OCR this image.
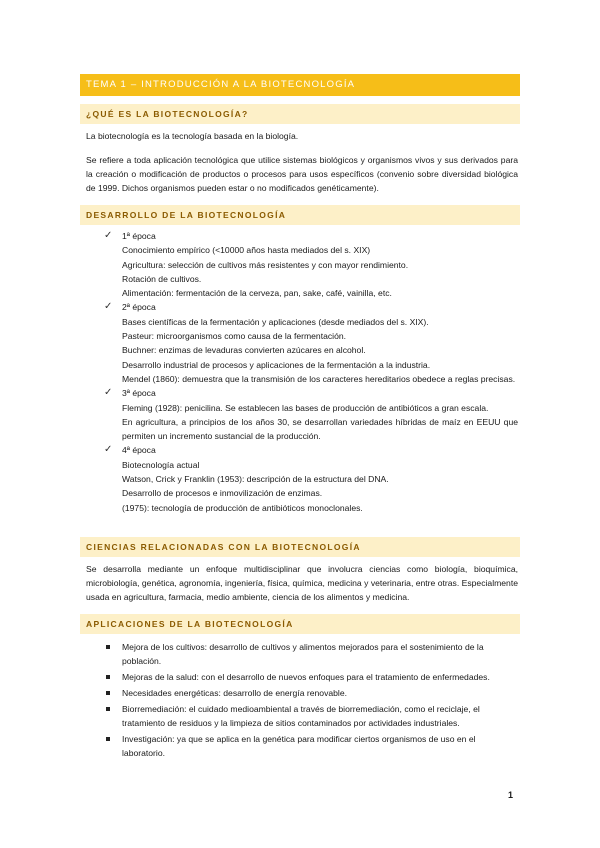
TEMA 1 – INTRODUCCIÓN A LA BIOTECNOLOGÍA
¿QUÉ ES LA BIOTECNOLOGÍA?

La biotecnología es la tecnología basada en la biología.

Se refiere a toda aplicación tecnológica que utilice sistemas biológicos y organismos vivos y sus derivados para la creación o modificación de productos o procesos para usos específicos (convenio sobre diversidad biológica de 1999. Dichos organismos pueden estar o no modificados genéticamente).

DESARROLLO DE LA BIOTECNOLOGÍA
✓	1ª época
Conocimiento empírico (<10000 años hasta mediados del s. XIX)
Agricultura: selección de cultivos más resistentes y con mayor rendimiento.
Rotación de cultivos.
Alimentación: fermentación de la cerveza, pan, sake, café, vainilla, etc.
✓	2ª época
Bases científicas de la fermentación y aplicaciones (desde mediados del s. XIX).
Pasteur: microorganismos como causa de la fermentación.
Buchner: enzimas de levaduras convierten azúcares en alcohol.
Desarrollo industrial de procesos y aplicaciones de la fermentación a la industria.
Mendel (1860): demuestra que la transmisión de los caracteres hereditarios obedece a reglas precisas.
✓	3ª época
Fleming (1928): penicilina. Se establecen las bases de producción de antibióticos a gran escala.
En agricultura, a principios de los años 30, se desarrollan variedades híbridas de maíz en EEUU que permiten un incremento sustancial de la producción.
✓	4ª época
Biotecnología actual
Watson, Crick y Franklin (1953): descripción de la estructura del DNA.
Desarrollo de procesos e inmovilización de enzimas.
(1975): tecnología de producción de antibióticos monoclonales.
CIENCIAS RELACIONADAS CON LA BIOTECNOLOGÍA

Se desarrolla mediante un enfoque multidisciplinar que involucra ciencias como biología, bioquímica, microbiología, genética, agronomía, ingeniería, física, química, medicina y veterinaria, entre otras. Especialmente usada en agricultura, farmacia, medio ambiente, ciencia de los alimentos y medicina.

APLICACIONES DE LA BIOTECNOLOGÍA
Mejora de los cultivos: desarrollo de cultivos y alimentos mejorados para el sostenimiento de la población.
Mejoras de la salud: con el desarrollo de nuevos enfoques para el tratamiento de enfermedades.
Necesidades energéticas: desarrollo de energía renovable.
Biorremediación: el cuidado medioambiental a través de biorremediación, como el reciclaje, el tratamiento de residuos y la limpieza de sitios contaminados por actividades industriales.
Investigación: ya que se aplica en la genética para modificar ciertos organismos de uso en el laboratorio.
1
